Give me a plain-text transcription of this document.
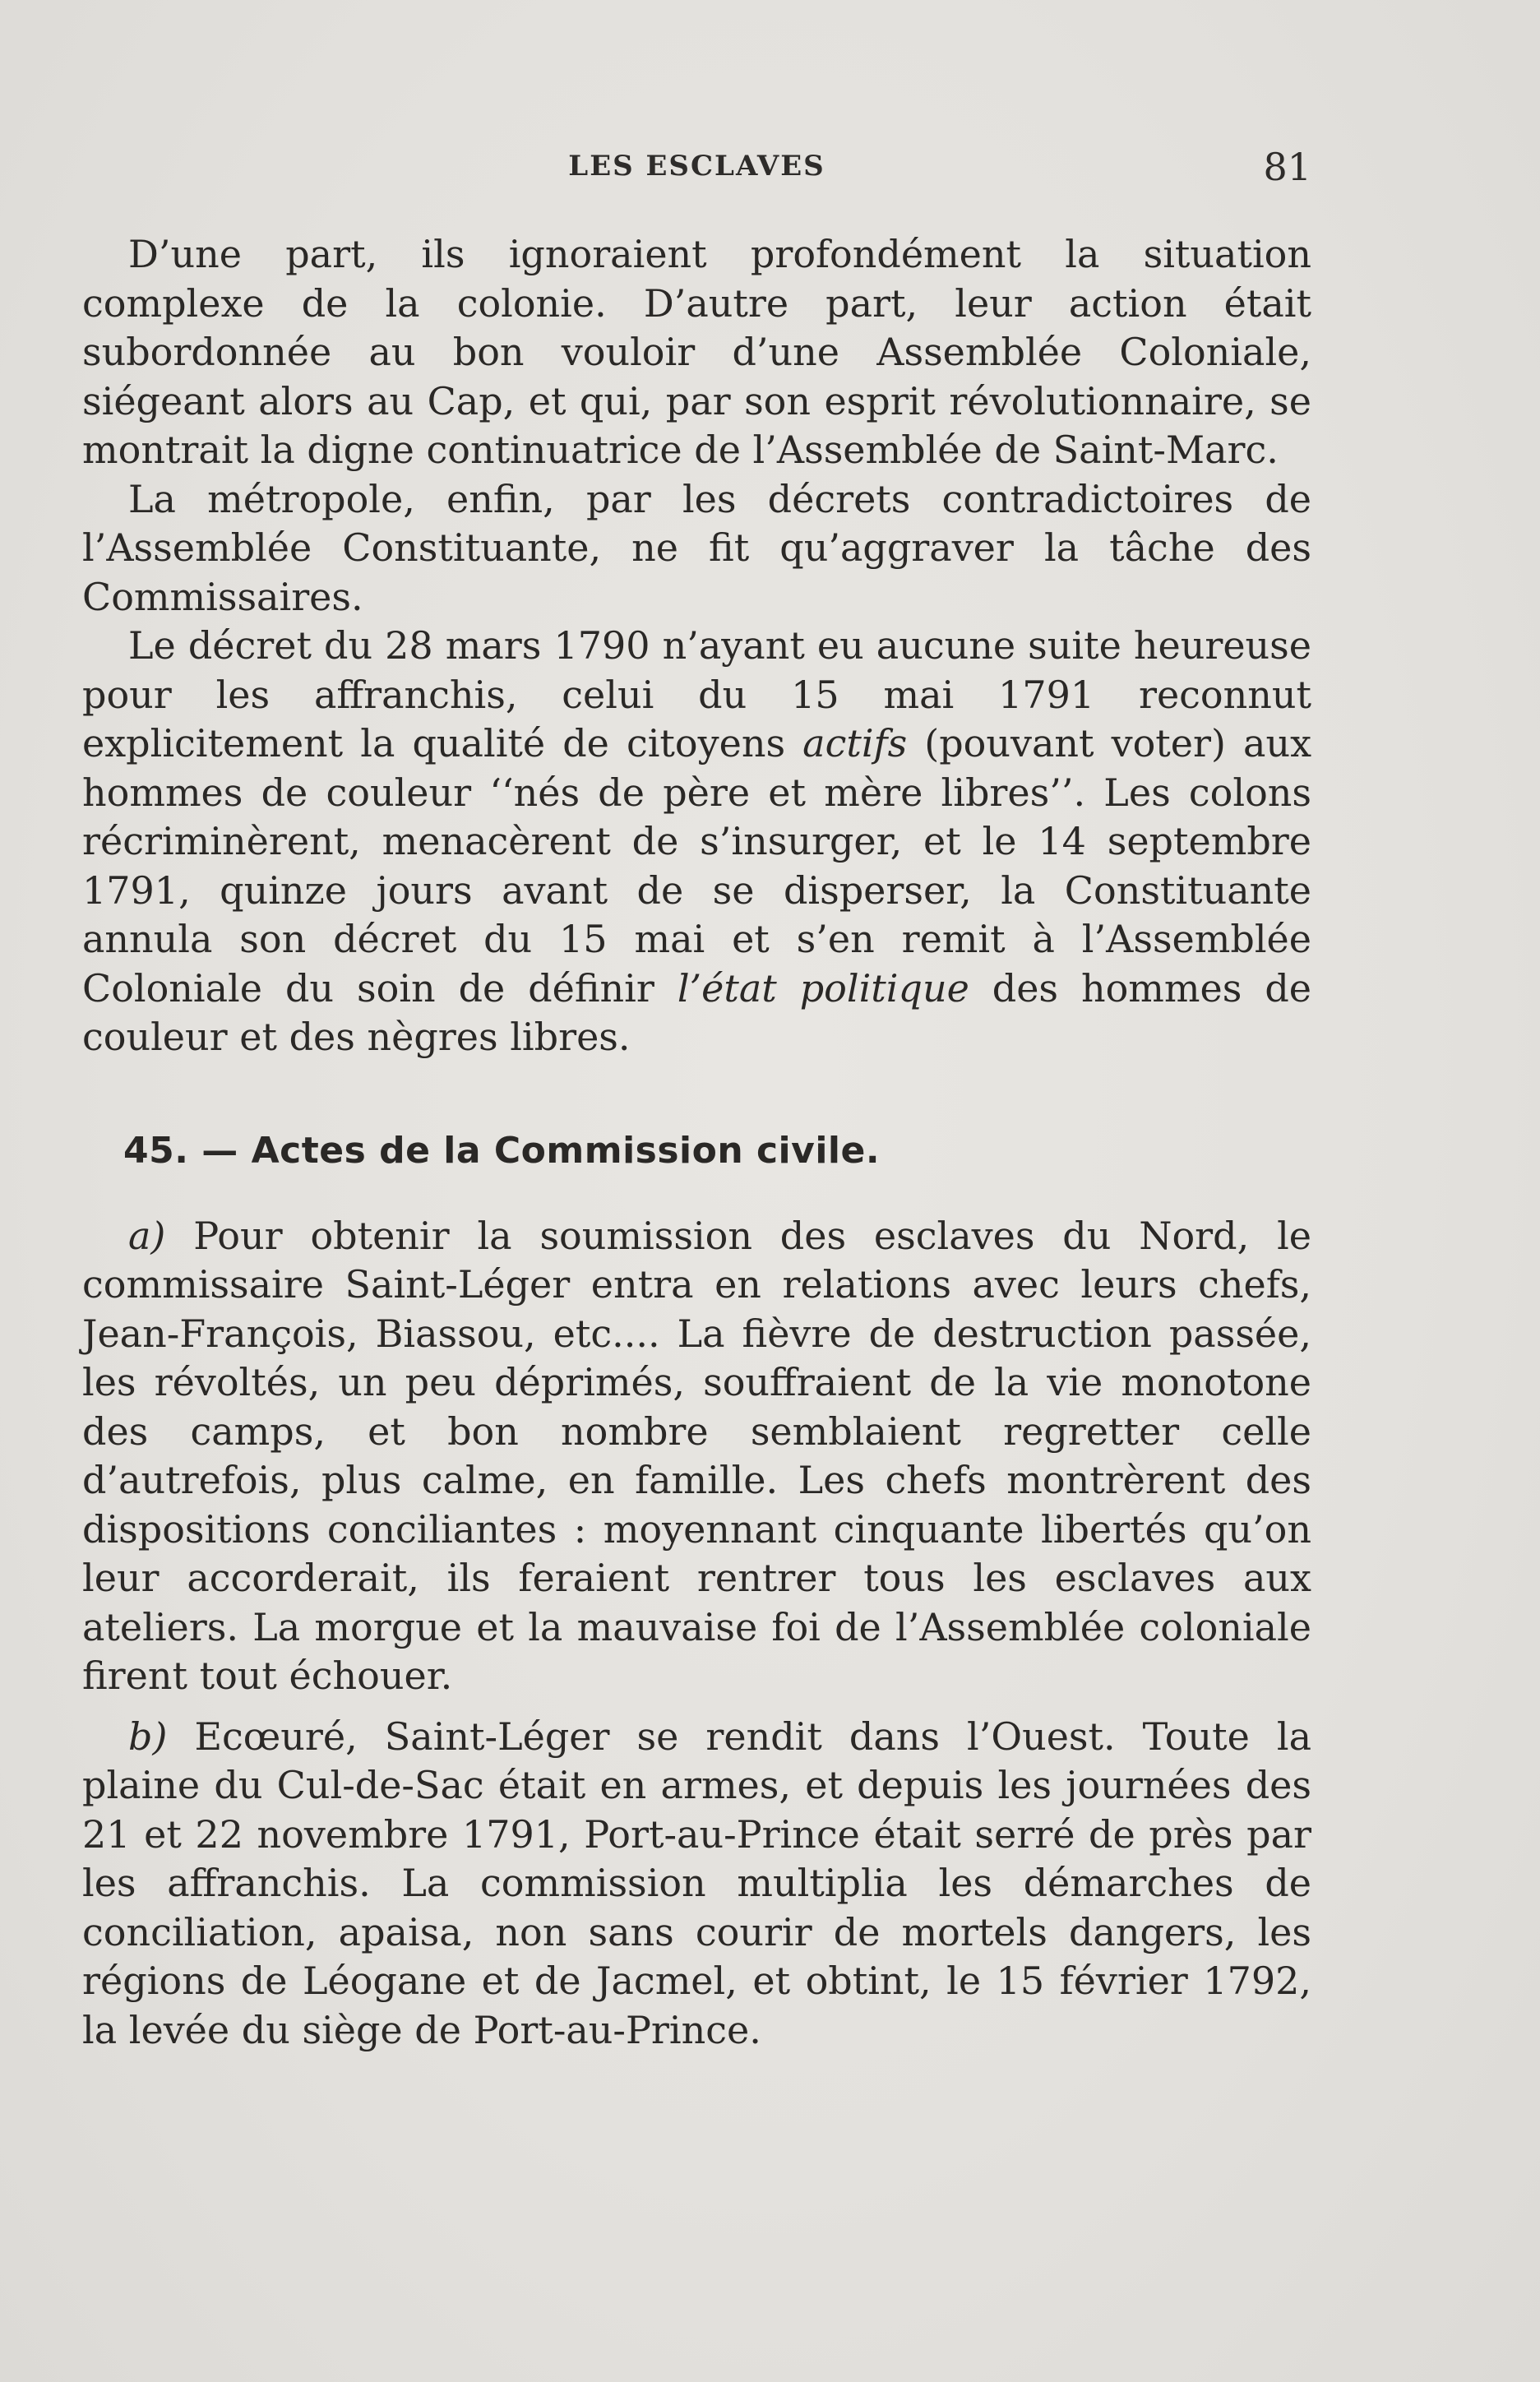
LES ESCLAVES	81

D’une part, ils ignoraient profondément la situation complexe de la colonie. D’autre part, leur action était subordonnée au bon vouloir d’une Assemblée Coloniale, siégeant alors au Cap, et qui, par son esprit révolutionnaire, se montrait la digne continuatrice de l’Assemblée de Saint-Marc.

La métropole, enfin, par les décrets contradictoires de l’Assemblée Constituante, ne fit qu’aggraver la tâche des Commissaires.

Le décret du 28 mars 1790 n’ayant eu aucune suite heureuse pour les affranchis, celui du 15 mai 1791 reconnut explicitement la qualité de citoyens actifs (pouvant voter) aux hommes de couleur ‘‘nés de père et mère libres’’. Les colons récriminèrent, menacèrent de s’insurger, et le 14 septembre 1791, quinze jours avant de se disperser, la Constituante annula son décret du 15 mai et s’en remit à l’Assemblée Coloniale du soin de définir l’état politique des hommes de couleur et des nègres libres.

45. — Actes de la Commission civile.

a) Pour obtenir la soumission des esclaves du Nord, le commissaire Saint-Léger entra en relations avec leurs chefs, Jean-François, Biassou, etc.... La fièvre de destruction passée, les révoltés, un peu déprimés, souffraient de la vie monotone des camps, et bon nombre semblaient regretter celle d’autrefois, plus calme, en famille. Les chefs montrèrent des dispositions conciliantes : moyennant cinquante libertés qu’on leur accorderait, ils feraient rentrer tous les esclaves aux ateliers. La morgue et la mauvaise foi de l’Assemblée coloniale firent tout échouer.

b) Ecœuré, Saint-Léger se rendit dans l’Ouest. Toute la plaine du Cul-de-Sac était en armes, et depuis les journées des 21 et 22 novembre 1791, Port-au-Prince était serré de près par les affranchis. La commission multiplia les démarches de conciliation, apaisa, non sans courir de mortels dangers, les régions de Léogane et de Jacmel, et obtint, le 15 février 1792, la levée du siège de Port-au-Prince.
